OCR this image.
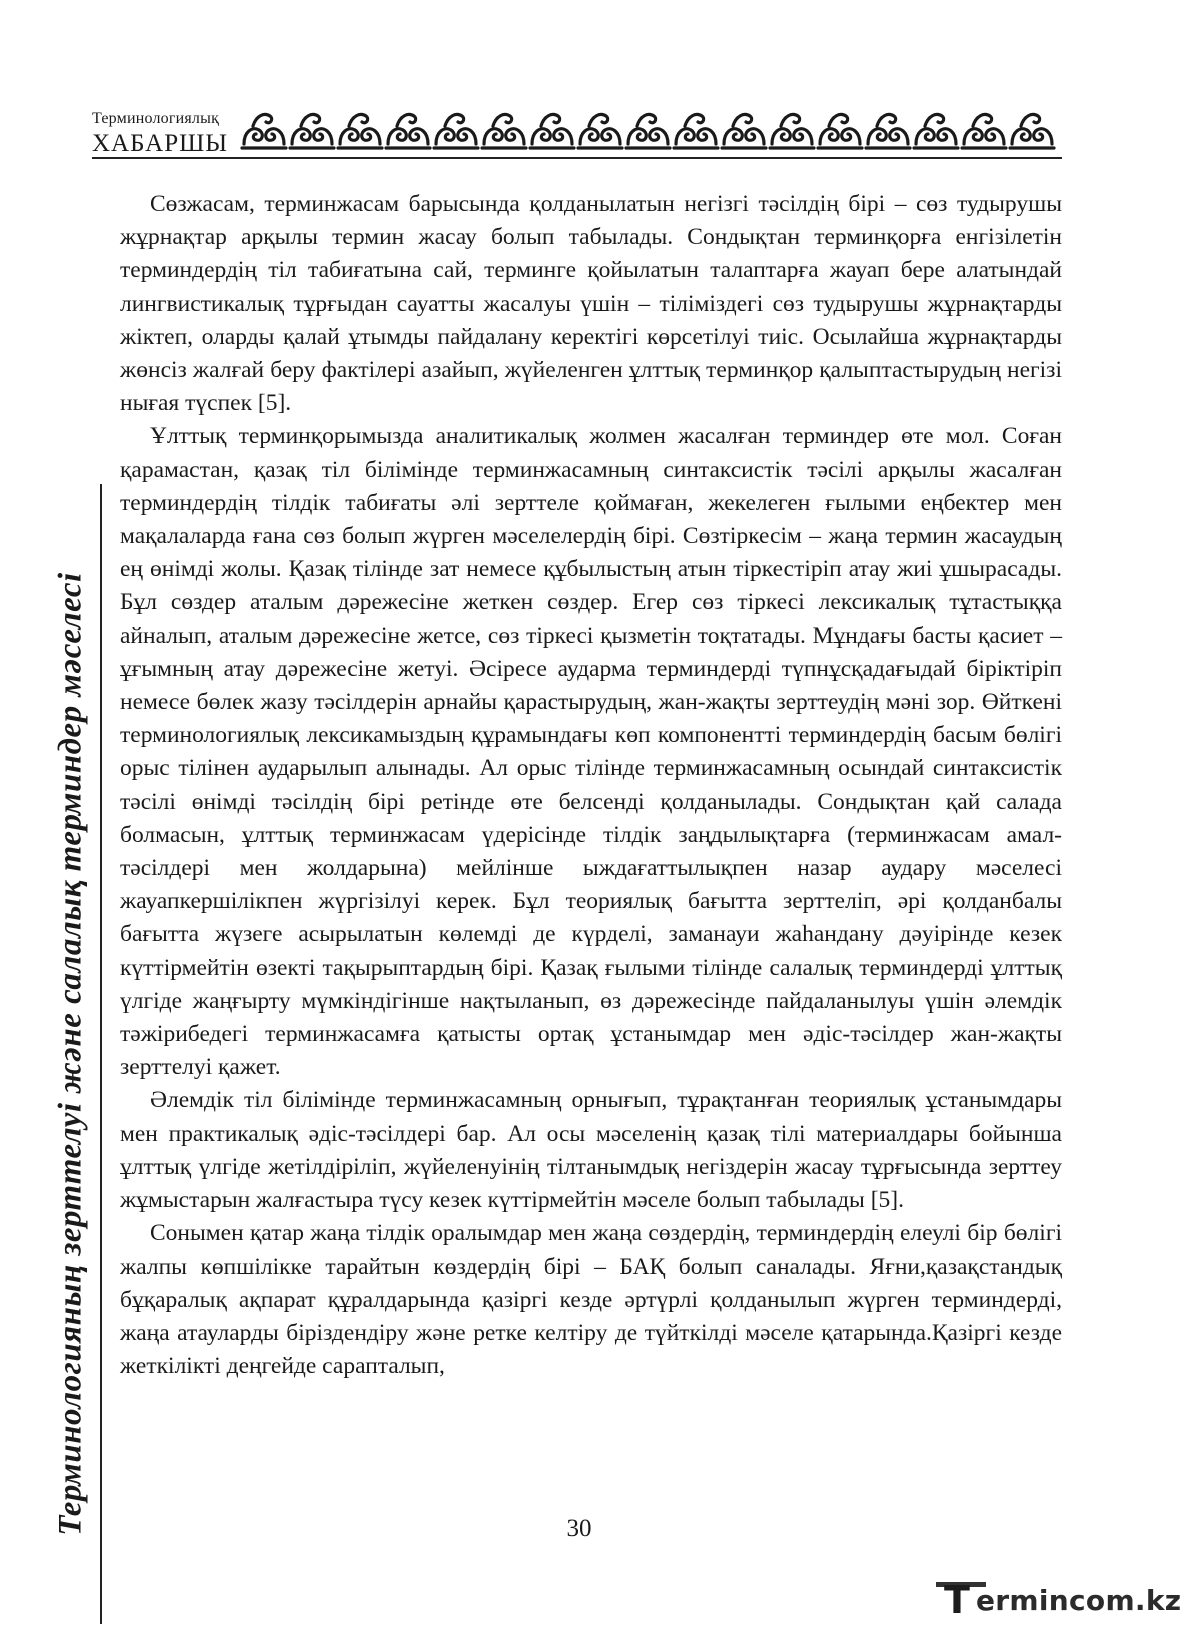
Терминологиялық
ХАБАРШЫ
Терминологияның зерттелуі және салалық терминдер мәселесі

Сөзжасам, терминжасам барысында қолданылатын негізгі тәсілдің бірі – сөз тудырушы жұрнақтар арқылы термин жасау болып табылады. Сондықтан терминқорға енгізілетін терминдердің тіл табиғатына сай, терминге қойылатын талаптарға жауап бере алатындай лингвистикалық тұрғыдан сауатты жасалуы үшін – тіліміздегі сөз тудырушы жұрнақтарды жіктеп, оларды қалай ұтымды пайдалану керектігі көрсетілуі тиіс. Осылайша жұрнақтарды жөнсіз жалғай беру фактілері азайып, жүйеленген ұлттық терминқор қалыптастырудың негізі нығая түспек [5].

Ұлттық терминқорымызда аналитикалық жолмен жасалған терминдер өте мол. Соған қарамастан, қазақ тіл білімінде терминжасамның синтаксистік тәсілі арқылы жасалған терминдердің тілдік табиғаты әлі зерттеле қоймаған, жекелеген ғылыми еңбектер мен мақалаларда ғана сөз болып жүрген мәселелердің бірі. Сөзтіркесім – жаңа термин жасаудың ең өнімді жолы. Қазақ тілінде зат немесе құбылыстың атын тіркестіріп атау жиі ұшырасады. Бұл сөздер аталым дәрежесіне жеткен сөздер. Егер сөз тіркесі лексикалық тұтастыққа айналып, аталым дәрежесіне жетсе, сөз тіркесі қызметін тоқтатады. Мұндағы басты қасиет – ұғымның атау дәрежесіне жетуі. Әсіресе аударма терминдерді түпнұсқадағыдай біріктіріп немесе бөлек жазу тәсілдерін арнайы қарастырудың, жан-жақты зерттеудің мәні зор. Өйткені терминологиялық лексикамыздың құрамындағы көп компонентті терминдердің басым бөлігі орыс тілінен аударылып алынады. Ал орыс тілінде терминжасамның осындай синтаксистік тәсілі өнімді тәсілдің бірі ретінде өте белсенді қолданылады. Сондықтан қай салада болмасын, ұлттық терминжасам үдерісінде тілдік заңдылықтарға (терминжасам амал-тәсілдері мен жолдарына) мейлінше ыждағаттылықпен назар аудару мәселесі жауапкершілікпен жүргізілуі керек. Бұл теориялық бағытта зерттеліп, әрі қолданбалы бағытта жүзеге асырылатын көлемді де күрделі, заманауи жаһандану дәуірінде кезек күттірмейтін өзекті тақырыптардың бірі. Қазақ ғылыми тілінде салалық терминдерді ұлттық үлгіде жаңғырту мүмкіндігінше нақтыланып, өз дәрежесінде пайдаланылуы үшін әлемдік тәжірибедегі терминжасамға қатысты ортақ ұстанымдар мен әдіс-тәсілдер жан-жақты зерттелуі қажет.

Әлемдік тіл білімінде терминжасамның орнығып, тұрақтанған теориялық ұстанымдары мен практикалық әдіс-тәсілдері бар. Ал осы мәселенің қазақ тілі материалдары бойынша ұлттық үлгіде жетілдіріліп, жүйеленуінің тілтанымдық негіздерін жасау тұрғысында зерттеу жұмыстарын жалғастыра түсу кезек күттірмейтін мәселе болып табылады [5].

Сонымен қатар жаңа тілдік оралымдар мен жаңа сөздердің, терминдердің елеулі бір бөлігі жалпы көпшілікке тарайтын көздердің бірі – БАҚ болып саналады. Яғни,қазақстандық бұқаралық ақпарат құралдарында қазіргі кезде әртүрлі қолданылып жүрген терминдерді, жаңа атауларды біріздендіру және ретке келтіру де түйткілді мәселе қатарында.Қазіргі кезде жеткілікті деңгейде сарапталып,

30
T ermincom.kz
